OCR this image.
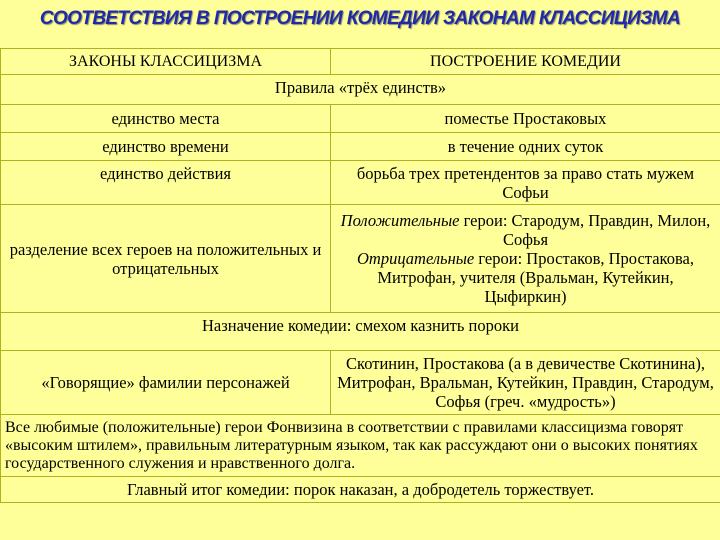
СООТВЕТСТВИЯ В ПОСТРОЕНИИ КОМЕДИИ ЗАКОНАМ КЛАССИЦИЗМА
ЗАКОНЫ КЛАССИЦИЗМА	ПОСТРОЕНИЕ КОМЕДИИ
Правила «трёх единств»	
единство места	поместье Простаковых
единство времени	в течение одних суток
единство действия	борьба трех претендентов за право стать мужем Софьи
разделение всех героев на положительных и отрицательных	Положительные герои: Стародум, Правдин, Милон, Софья
Отрицательные герои: Простаков, Простакова, Митрофан, учителя (Вральман, Кутейкин, Цыфиркин)
Назначение комедии: смехом казнить пороки	
«Говорящие» фамилии персонажей	Скотинин, Простакова (а в девичестве Скотинина), Митрофан, Вральман, Кутейкин, Правдин, Стародум, Софья (греч. «мудрость»)
Все любимые (положительные) герои Фонвизина в соответствии с правилами классицизма говорят «высоким штилем», правильным литературным языком, так как рассуждают они о высоких понятиях государственного служения и нравственного долга.	
Главный итог комедии: порок наказан, а добродетель торжествует.	
